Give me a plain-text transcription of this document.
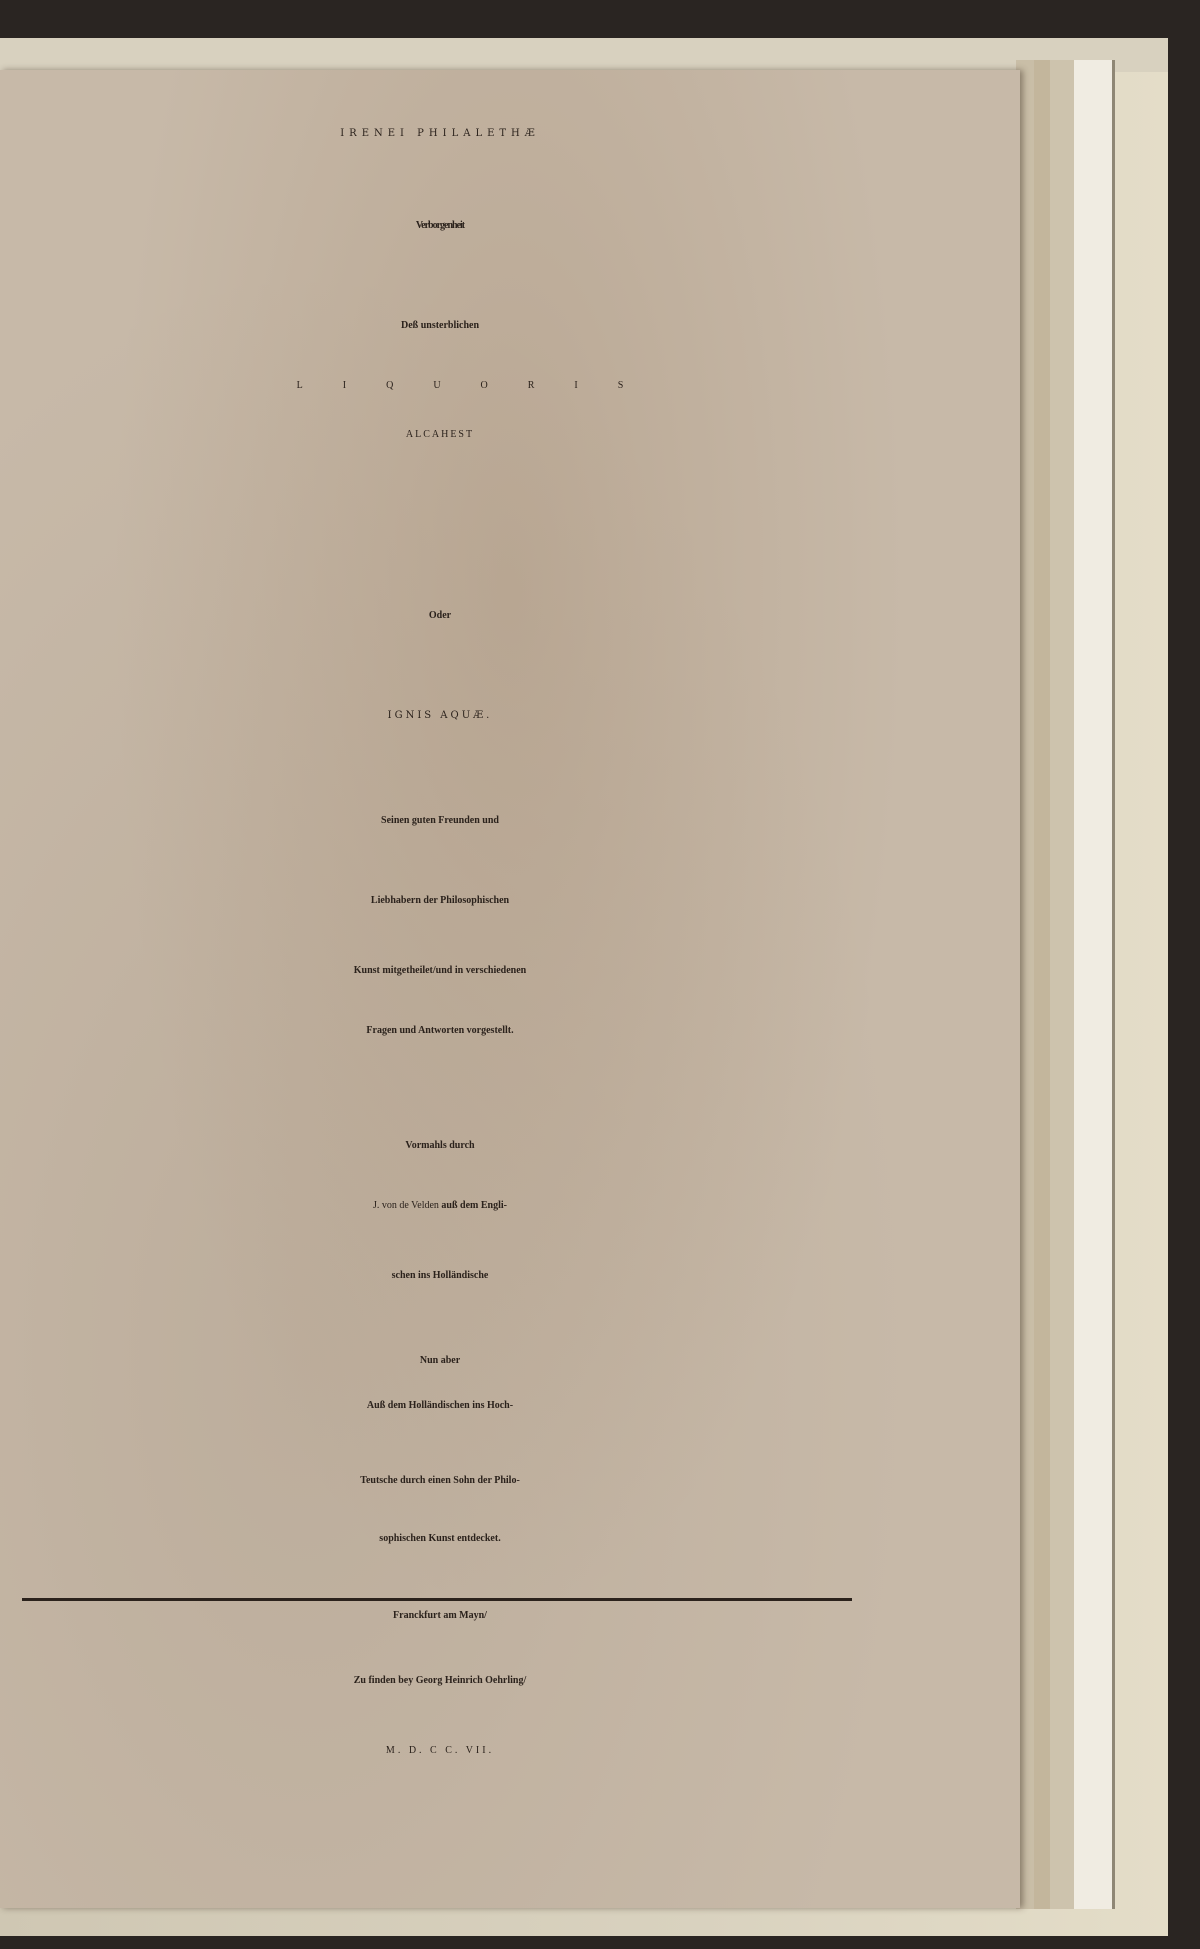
IRENEI PHILALETHÆ
Verborgenheit
Deß unsterblichen
LIQUORIS
ALCAHEST
Oder
IGNIS AQUÆ.
Seinen guten Freunden und
Liebhabern der Philosophischen
Kunst mitgetheilet/und in verschiedenen
Fragen und Antworten vorgestellt.
Vormahls durch
J. von de Velden auß dem Engli-
schen ins Holländische
Nun aber
Auß dem Holländischen ins Hoch-
Teutsche durch einen Sohn der Philo-
sophischen Kunst entdecket.
Franckfurt am Mayn/
Zu finden bey Georg Heinrich Oehrling/
M. D. C C. VII.
